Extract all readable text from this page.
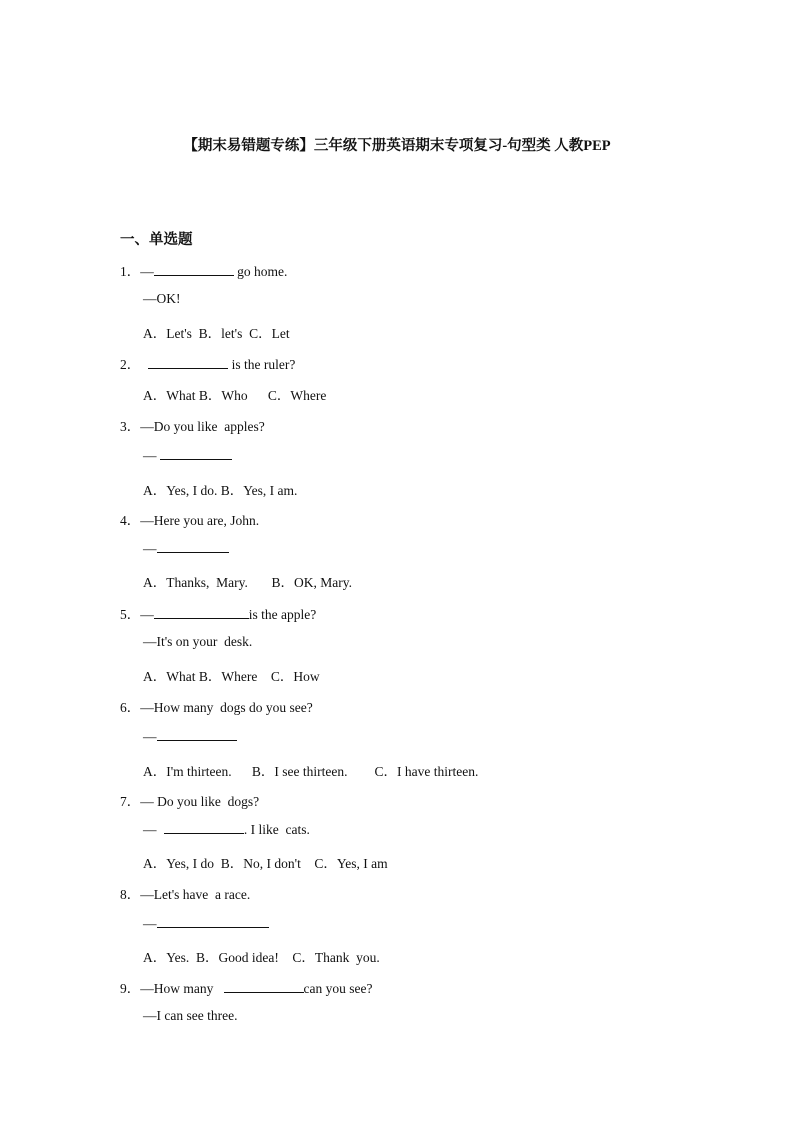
【期末易错题专练】三年级下册英语期末专项复习-句型类 人教PEP
一、单选题
1．—	go home.
—OK!
A．Let's  B．let's  C．Let
2．	is the ruler?
A．What B．Who      C．Where
3．—Do you like  apples?
—
A．Yes, I do. B．Yes, I am.
4．—Here you are, John.
—
A．Thanks,  Mary.       B．OK, Mary.
5．—	is the apple?
—It's on your  desk.
A．What B．Where    C．How
6．—How many  dogs do you see?
—
A．I'm thirteen.      B．I see thirteen.        C．I have thirteen.
7．— Do you like  dogs?
—	. I like  cats.
A．Yes, I do  B．No, I don't    C．Yes, I am
8．—Let's have  a race.
—
A．Yes.  B．Good idea!    C．Thank  you.
9．—How many	can you see?
—I can see three.
